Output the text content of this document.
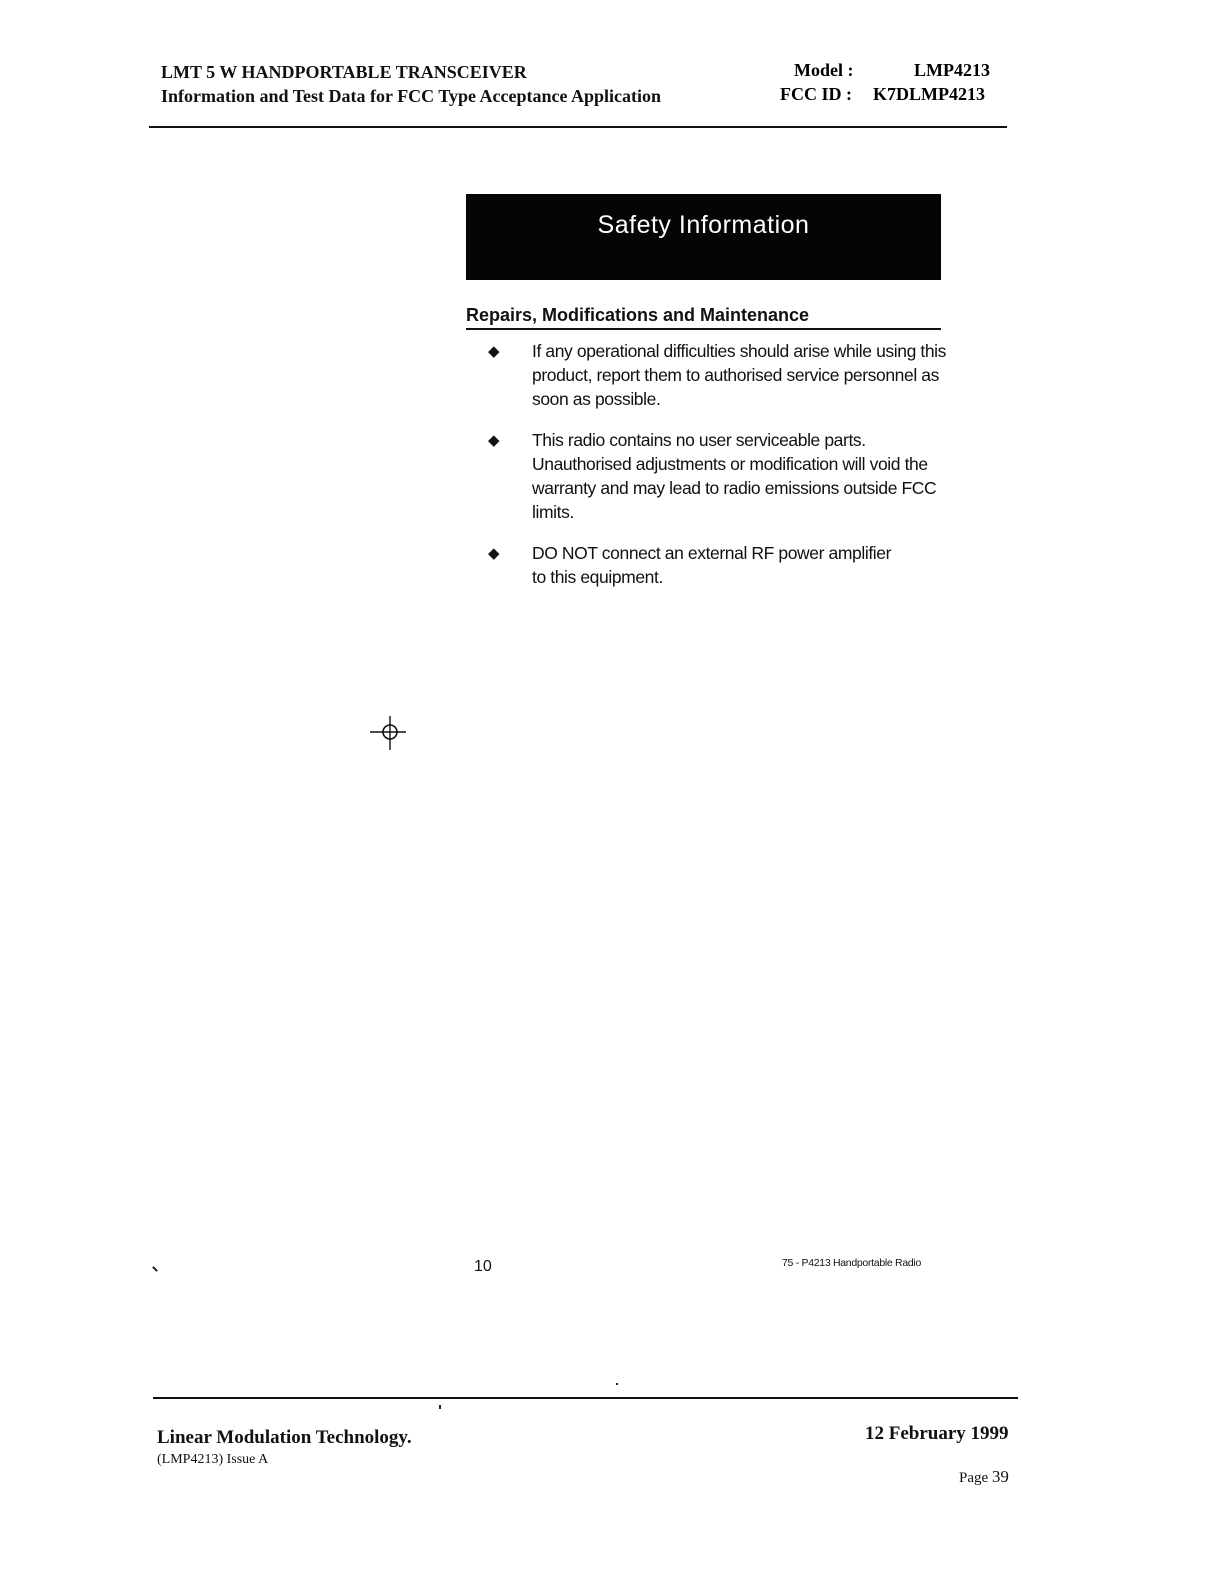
LMT 5 W HANDPORTABLE TRANSCEIVER
Information and Test Data for FCC Type Acceptance Application
Model :	LMP4213
FCC ID : K7DLMP4213
Safety Information
Repairs, Modifications and Maintenance
◆ If any operational difficulties should arise while using this product, report them to authorised service personnel as soon as possible.
◆ This radio contains no user serviceable parts. Unauthorised adjustments or modification will void the warranty and may lead to radio emissions outside FCC limits.
◆ DO NOT connect an external RF power amplifier to this equipment.
10	75 - P4213 Handportable Radio
Linear Modulation Technology.
(LMP4213) Issue A
12 February 1999
Page 39
